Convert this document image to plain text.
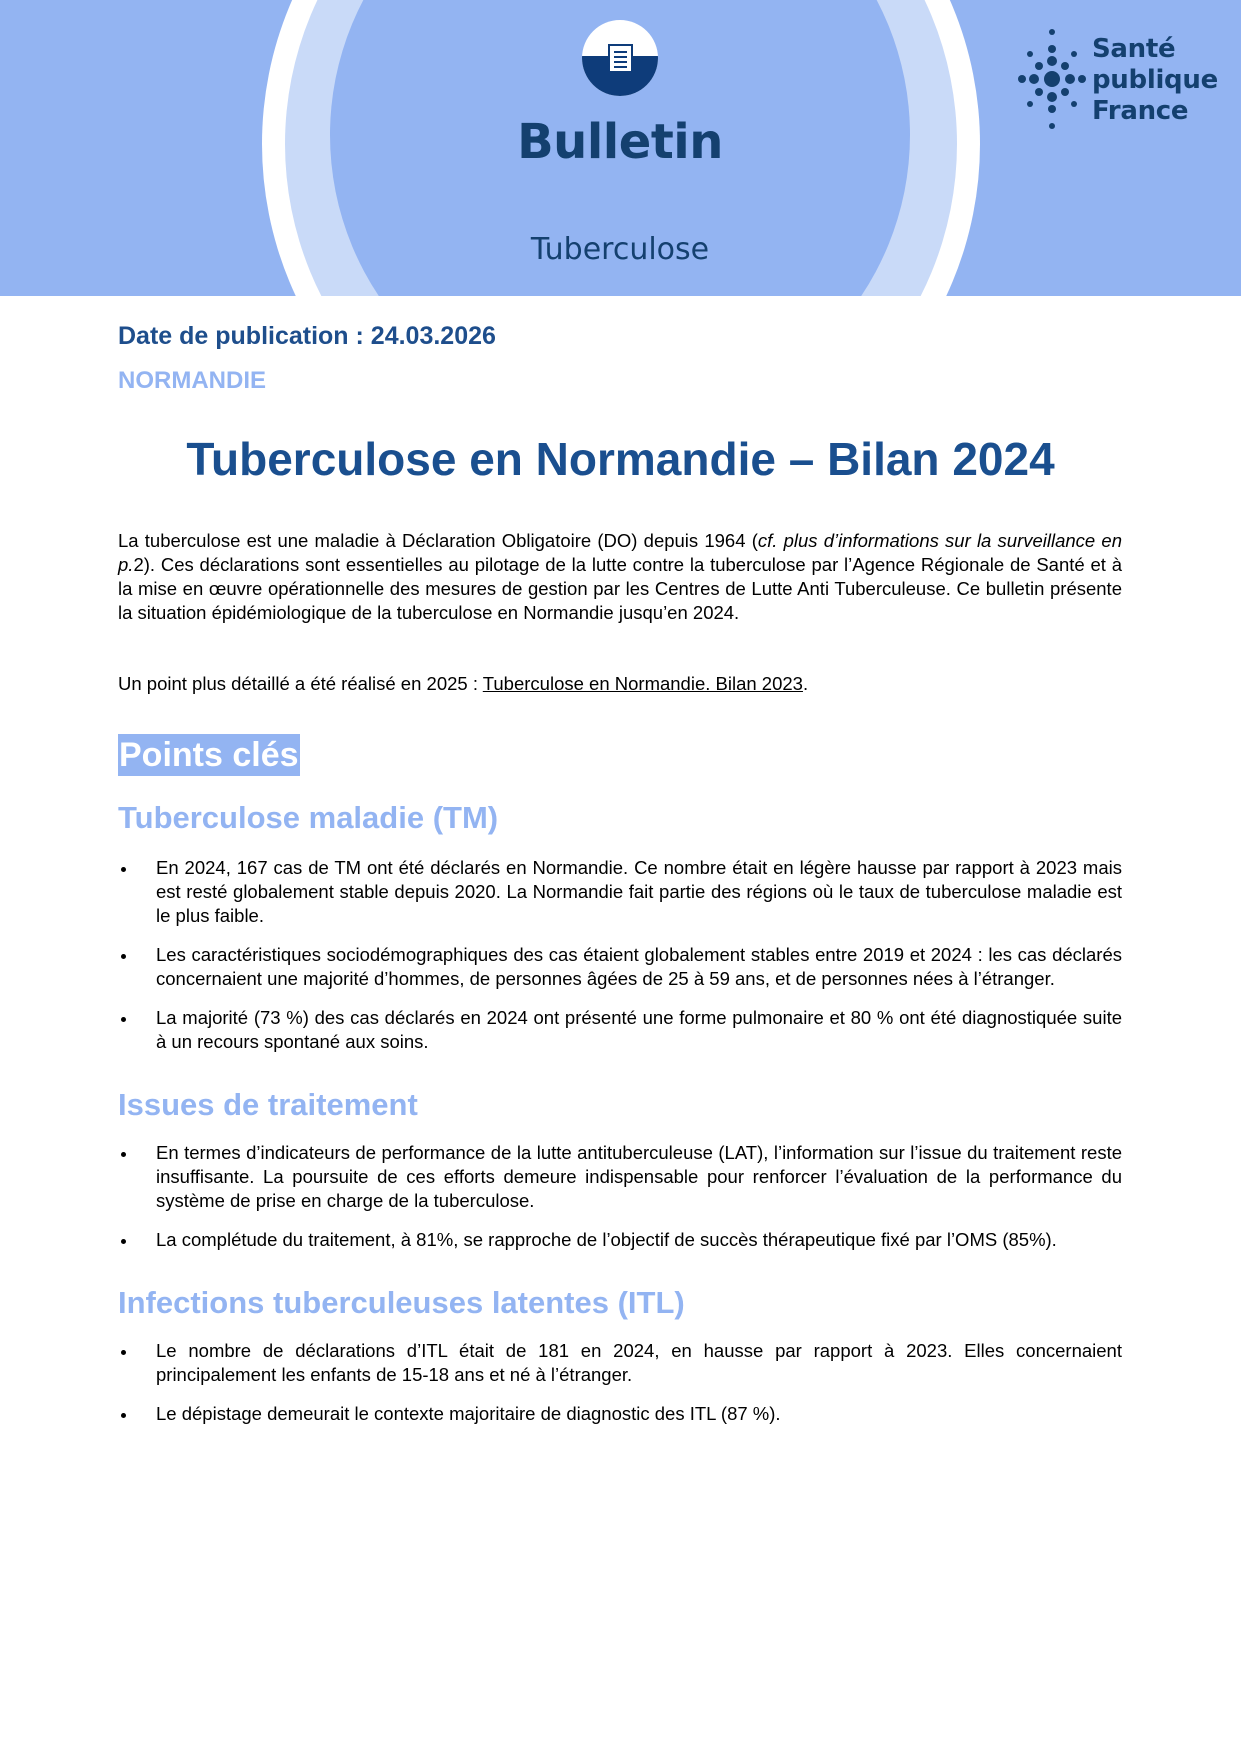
Bulletin
Tuberculose
Santé
publique
France
Date de publication : 24.03.2026
NORMANDIE
Tuberculose en Normandie – Bilan 2024

La tuberculose est une maladie à Déclaration Obligatoire (DO) depuis 1964 (cf. plus d’informations sur la surveillance en p.2). Ces déclarations sont essentielles au pilotage de la lutte contre la tuberculose par l’Agence Régionale de Santé et à la mise en œuvre opérationnelle des mesures de gestion par les Centres de Lutte Anti Tuberculeuse. Ce bulletin présente la situation épidémiologique de la tuberculose en Normandie jusqu’en 2024.

Un point plus détaillé a été réalisé en 2025 : Tuberculose en Normandie. Bilan 2023.

Points clés
Tuberculose maladie (TM)
En 2024, 167 cas de TM ont été déclarés en Normandie. Ce nombre était en légère hausse par rapport à 2023 mais est resté globalement stable depuis 2020. La Normandie fait partie des régions où le taux de tuberculose maladie est le plus faible.
Les caractéristiques sociodémographiques des cas étaient globalement stables entre 2019 et 2024 : les cas déclarés concernaient une majorité d’hommes, de personnes âgées de 25 à 59 ans, et de personnes nées à l’étranger.
La majorité (73 %) des cas déclarés en 2024 ont présenté une forme pulmonaire et 80 % ont été diagnostiquée suite à un recours spontané aux soins.
Issues de traitement
En termes d’indicateurs de performance de la lutte antituberculeuse (LAT), l’information sur l’issue du traitement reste insuffisante. La poursuite de ces efforts demeure indispensable pour renforcer l’évaluation de la performance du système de prise en charge de la tuberculose.
La complétude du traitement, à 81%, se rapproche de l’objectif de succès thérapeutique fixé par l’OMS (85%).
Infections tuberculeuses latentes (ITL)
Le nombre de déclarations d’ITL était de 181 en 2024, en hausse par rapport à 2023. Elles concernaient principalement les enfants de 15-18 ans et né à l’étranger.
Le dépistage demeurait le contexte majoritaire de diagnostic des ITL (87 %).
